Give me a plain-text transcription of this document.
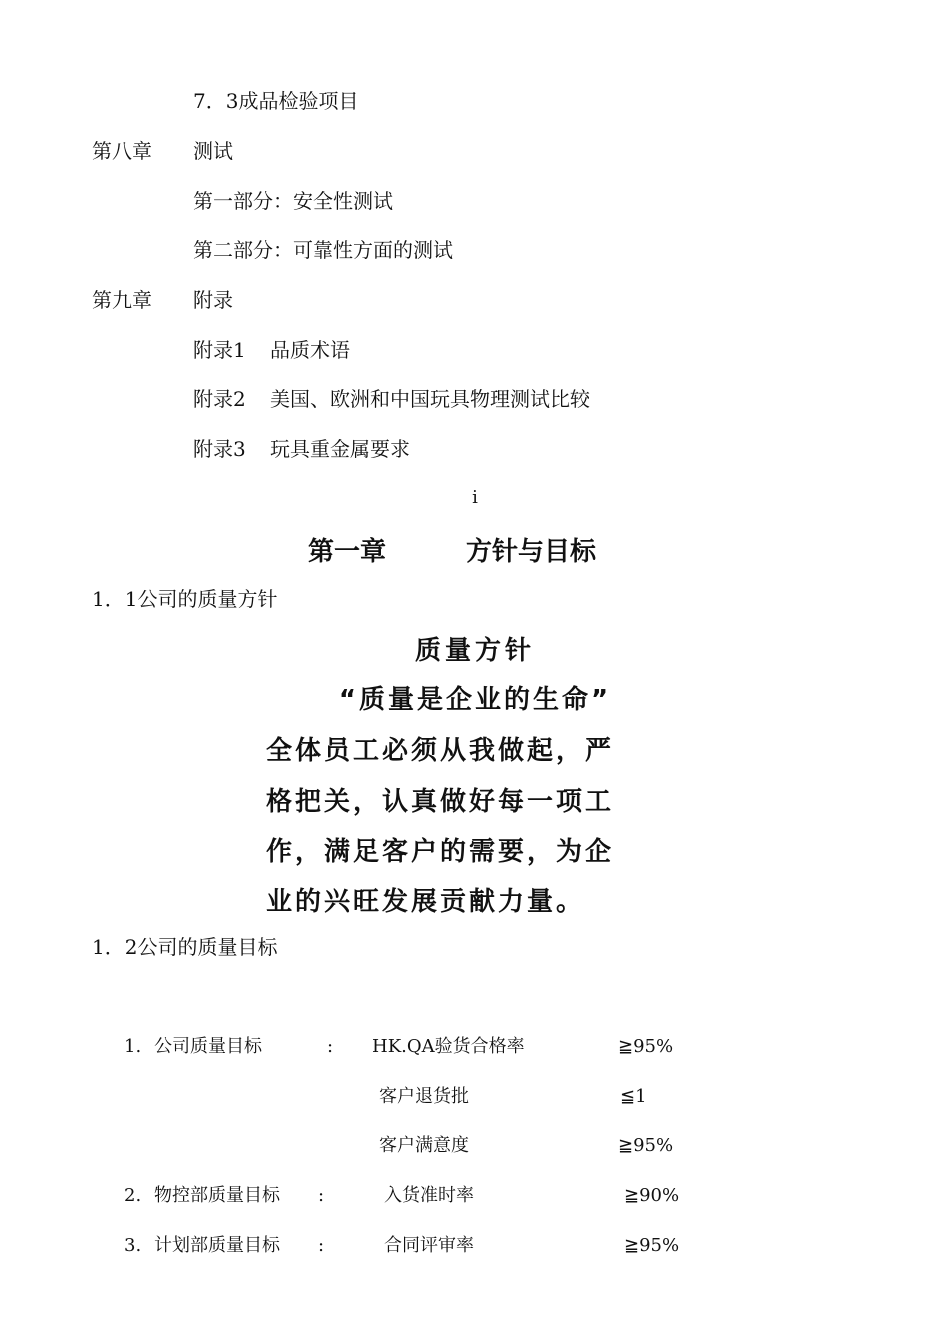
7．3成品检验项目
第八章 测试
第一部分：安全性测试
第二部分：可靠性方面的测试
第九章 附录
附录1 品质术语
附录2 美国、欧洲和中国玩具物理测试比较
附录3 玩具重金属要求
i
第一章	方针与目标
1．1公司的质量方针
质量方针
“质量是企业的生命”
全体员工必须从我做起，严
格把关，认真做好每一项工
作，满足客户的需要，为企
业的兴旺发展贡献力量。
1．2公司的质量目标
1. 公司质量目标	: HK.QA验货合格率	≧95%
客户退货批	≦1
客户满意度	≧95%
2. 物控部质量目标 :	入货准时率	≧90%
3. 计划部质量目标 :	合同评审率	≧95%
